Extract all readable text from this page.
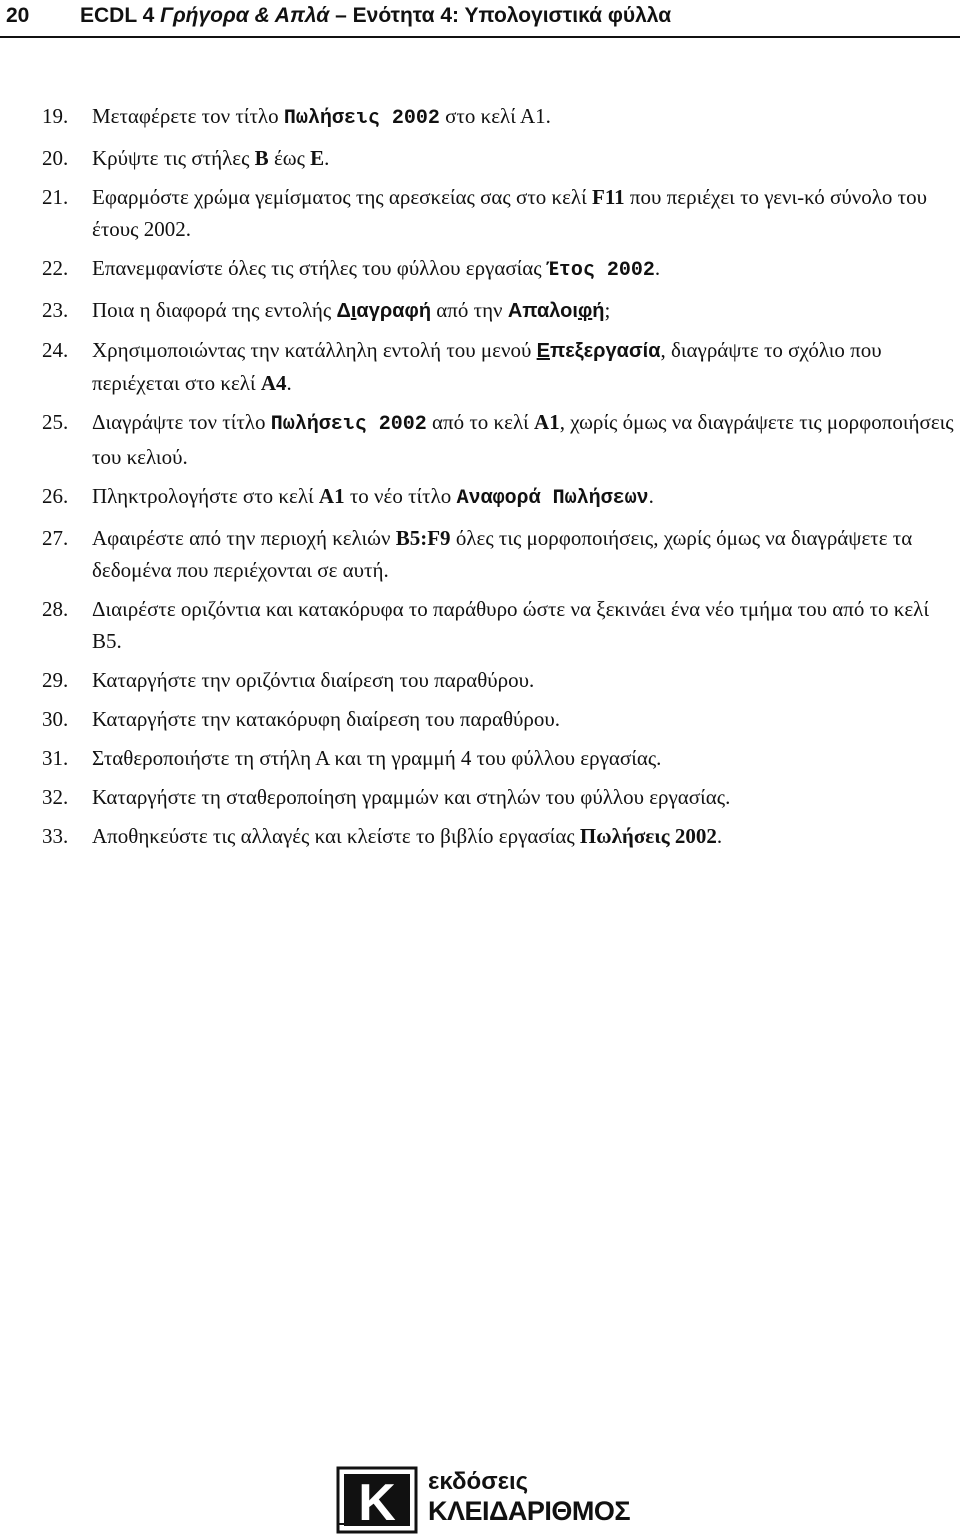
20 ECDL 4 Γρήγορα & Απλά – Ενότητα 4: Υπολογιστικά φύλλα
19. Μεταφέρετε τον τίτλο Πωλήσεις 2002 στο κελί Α1.
20. Κρύψτε τις στήλες Β έως Ε.
21. Εφαρμόστε χρώμα γεμίσματος της αρεσκείας σας στο κελί F11 που περιέχει το γενι-κό σύνολο του έτους 2002.
22. Επανεμφανίστε όλες τις στήλες του φύλλου εργασίας Έτος 2002.
23. Ποια η διαφορά της εντολής Διαγραφή από την Απαλοιφή;
24. Χρησιμοποιώντας την κατάλληλη εντολή του μενού Επεξεργασία, διαγράψτε το σχόλιο που περιέχεται στο κελί Α4.
25. Διαγράψτε τον τίτλο Πωλήσεις 2002 από το κελί Α1, χωρίς όμως να διαγράψετε τις μορφοποιήσεις του κελιού.
26. Πληκτρολογήστε στο κελί Α1 το νέο τίτλο Αναφορά Πωλήσεων.
27. Αφαιρέστε από την περιοχή κελιών Β5:F9 όλες τις μορφοποιήσεις, χωρίς όμως να διαγράψετε τα δεδομένα που περιέχονται σε αυτή.
28. Διαιρέστε οριζόντια και κατακόρυφα το παράθυρο ώστε να ξεκινάει ένα νέο τμήμα του από το κελί Β5.
29. Καταργήστε την οριζόντια διαίρεση του παραθύρου.
30. Καταργήστε την κατακόρυφη διαίρεση του παραθύρου.
31. Σταθεροποιήστε τη στήλη Α και τη γραμμή 4 του φύλλου εργασίας.
32. Καταργήστε τη σταθεροποίηση γραμμών και στηλών του φύλλου εργασίας.
33. Αποθηκεύστε τις αλλαγές και κλείστε το βιβλίο εργασίας Πωλήσεις 2002.
K εκδόσεις
ΚΛΕΙΔΑΡΙΘΜΟΣ
